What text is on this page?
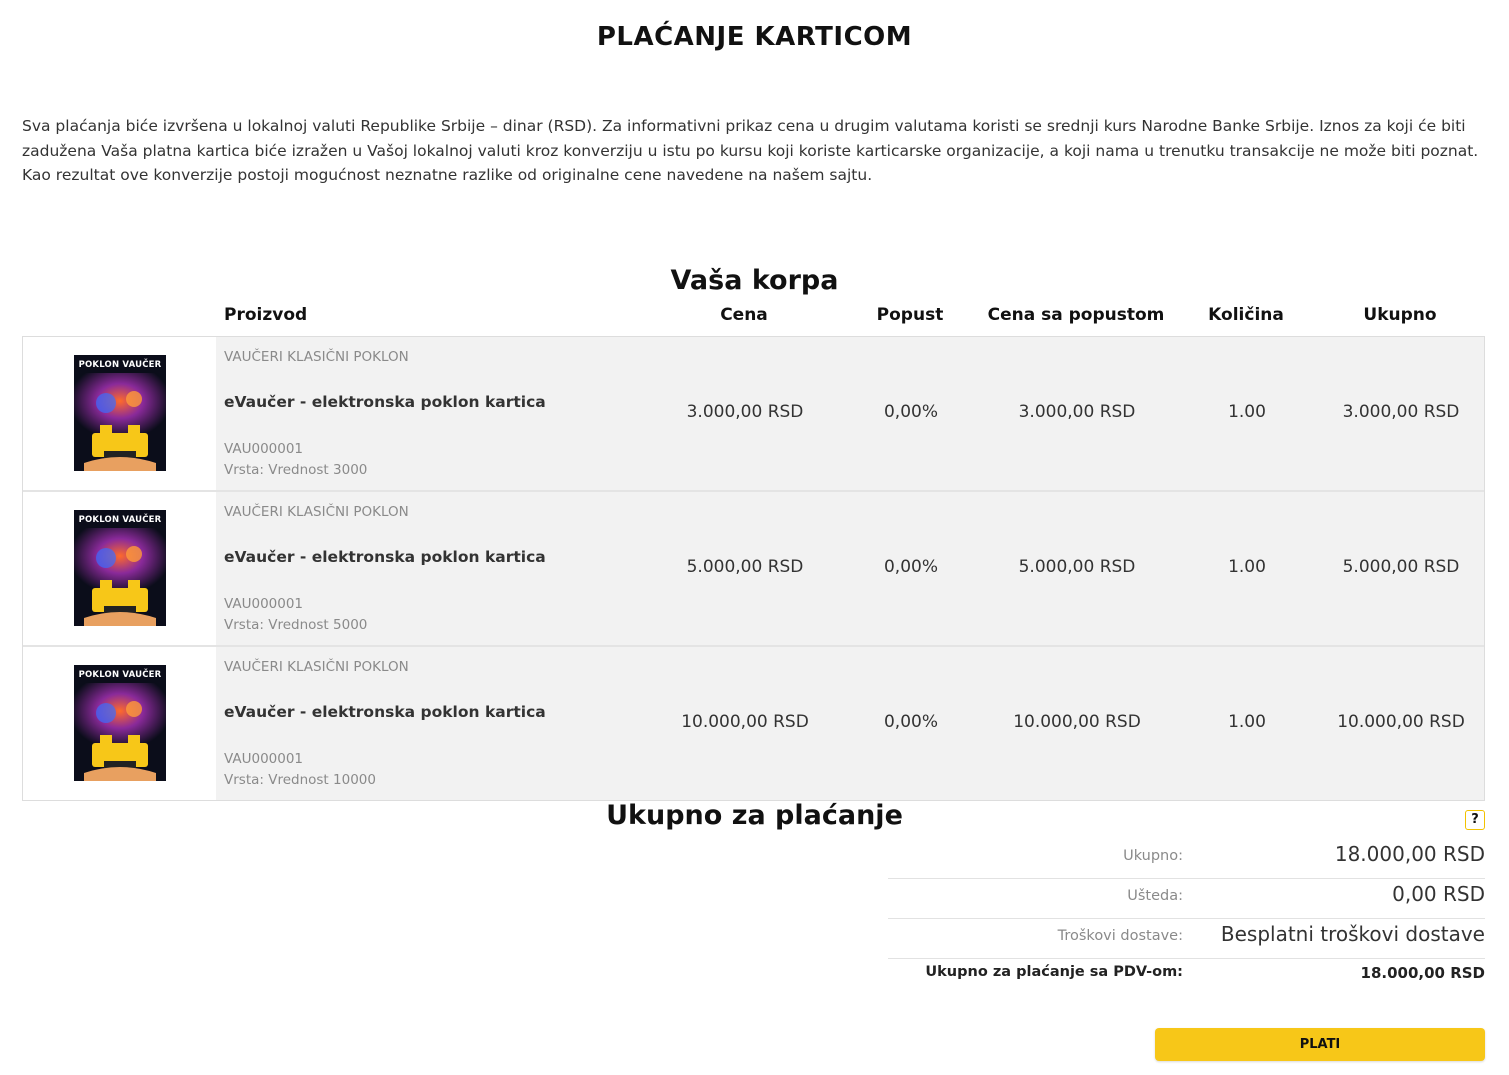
PLAĆANJE KARTICOM

Sva plaćanja biće izvršena u lokalnoj valuti Republike Srbije – dinar (RSD). Za informativni prikaz cena u drugim valutama koristi se srednji kurs Narodne Banke Srbije. Iznos za koji će biti zadužena Vaša platna kartica biće izražen u Vašoj lokalnoj valuti kroz konverziju u istu po kursu koji koriste karticarske organizacije, a koji nama u trenutku transakcije ne može biti poznat. Kao rezultat ove konverzije postoji mogućnost neznatne razlike od originalne cene navedene na našem sajtu.

Vaša korpa
Proizvod	Cena	Popust	Cena sa popustom	Količina	Ukupno
POKLON VAUČER	VAUČERI KLASIČNI POKLON
eVaučer - elektronska poklon kartica
VAU000001
Vrsta: Vrednost 3000
3.000,00 RSD	0,00%	3.000,00 RSD	1.00	3.000,00 RSD
POKLON VAUČER	VAUČERI KLASIČNI POKLON
eVaučer - elektronska poklon kartica
VAU000001
Vrsta: Vrednost 5000
5.000,00 RSD	0,00%	5.000,00 RSD	1.00	5.000,00 RSD
POKLON VAUČER	VAUČERI KLASIČNI POKLON
eVaučer - elektronska poklon kartica
VAU000001
Vrsta: Vrednost 10000
10.000,00 RSD	0,00%	10.000,00 RSD	1.00	10.000,00 RSD
Ukupno za plaćanje	?
Ukupno:	18.000,00 RSD
Ušteda:	0,00 RSD
Troškovi dostave: Besplatni troškovi dostave
Ukupno za plaćanje sa PDV-om:	18.000,00 RSD
PLATI
